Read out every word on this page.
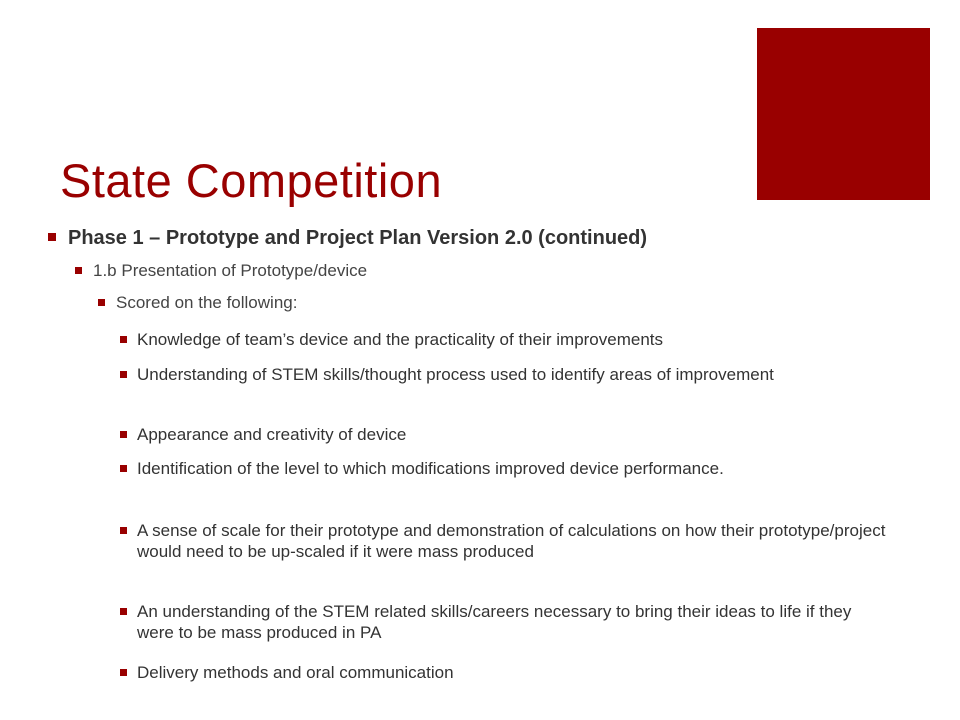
State Competition
Phase 1 – Prototype and Project Plan Version 2.0 (continued)
1.b Presentation of Prototype/device
Scored on the following:
Knowledge of team’s device and the practicality of their improvements
Understanding of STEM skills/thought process used to identify areas of improvement
Appearance and creativity of device
Identification of the level to which modifications improved device performance.
A sense of scale for their prototype and demonstration of calculations on how their prototype/project would need to be up-scaled if it were mass produced
An understanding of the STEM related skills/careers necessary to bring their ideas to life if they were to be mass produced in PA
Delivery methods and oral communication
